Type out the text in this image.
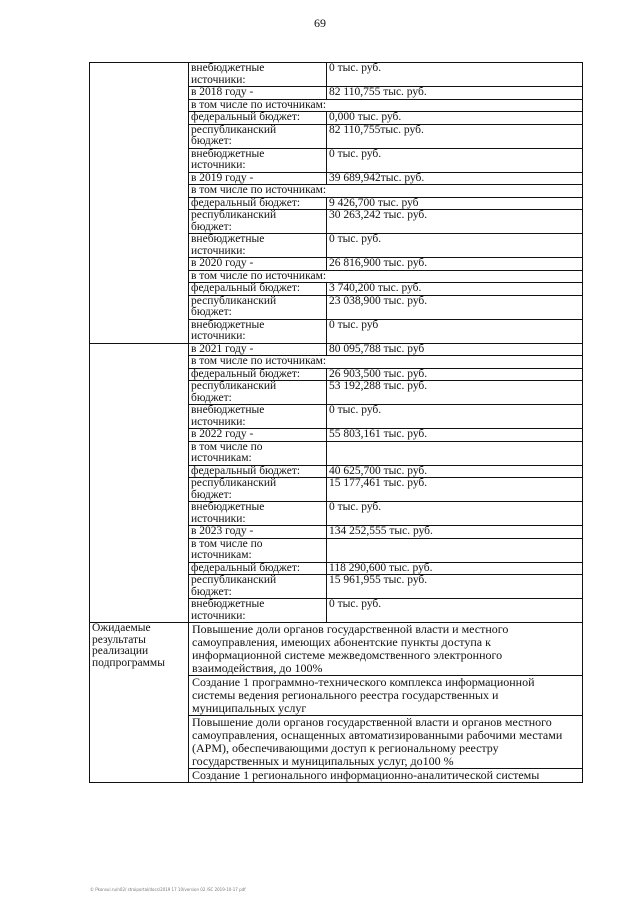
69
	внебюджетные
источники:	0 тыс. руб.
	в 2018 году -	82 110,755 тыс. руб.
	в том числе по источникам:	
	федеральный бюджет:	0,000 тыс. руб.
	республиканский
бюджет:	82 110,755тыс. руб.
	внебюджетные
источники:	0 тыс. руб.
	в 2019 году -	39 689,942тыс. руб.
	в том числе по источникам:	
	федеральный бюджет:	9 426,700 тыс. руб
	республиканский
бюджет:	30 263,242 тыс. руб.
	внебюджетные
источники:	0 тыс. руб.
	в 2020 году -	26 816,900 тыс. руб.
	в том числе по источникам:	
	федеральный бюджет:	3 740,200 тыс. руб.
	республиканский
бюджет:	23 038,900 тыс. руб.
	внебюджетные
источники:	0 тыс. руб
	в 2021 году -	80 095,788 тыс. руб
	в том числе по источникам:	
	федеральный бюджет:	26 903,500 тыс. руб.
	республиканский
бюджет:	53 192,288 тыс. руб.
	внебюджетные
источники:	0 тыс. руб.
	в 2022 году -	55 803,161 тыс. руб.
	в том числе по
источникам:	
	федеральный бюджет:	40 625,700 тыс. руб.
	республиканский
бюджет:	15 177,461 тыс. руб.
	внебюджетные
источники:	0 тыс. руб.
	в 2023 году -	134 252,555 тыс. руб.
	в том числе по
источникам:	
	федеральный бюджет:	118 290,600 тыс. руб.
	республиканский
бюджет:	15 961,955 тыс. руб.
	внебюджетные
источники:	0 тыс. руб.
Ожидаемые результаты реализации подпрограммы	Повышение доли органов государственной власти и местного самоуправления, имеющих абонентские пункты доступа к информационной системе межведомственного электронного взаимодействия, до 100%
Создание 1 программно-технического комплекса информационной системы ведения регионального реестра государственных и муниципальных услуг
Повышение доли органов государственной власти и органов местного самоуправления, оснащенных автоматизированными рабочими местами (АРМ), обеспечивающими доступ к региональному реестру государственных и муниципальных услуг, до100 %
Создание 1 регионального информационно-аналитической системы	
© Рkonsul.ru/n02/ stroiportal/docs/2019 17 10/version 02 /SC 2019-10-17 pdf
